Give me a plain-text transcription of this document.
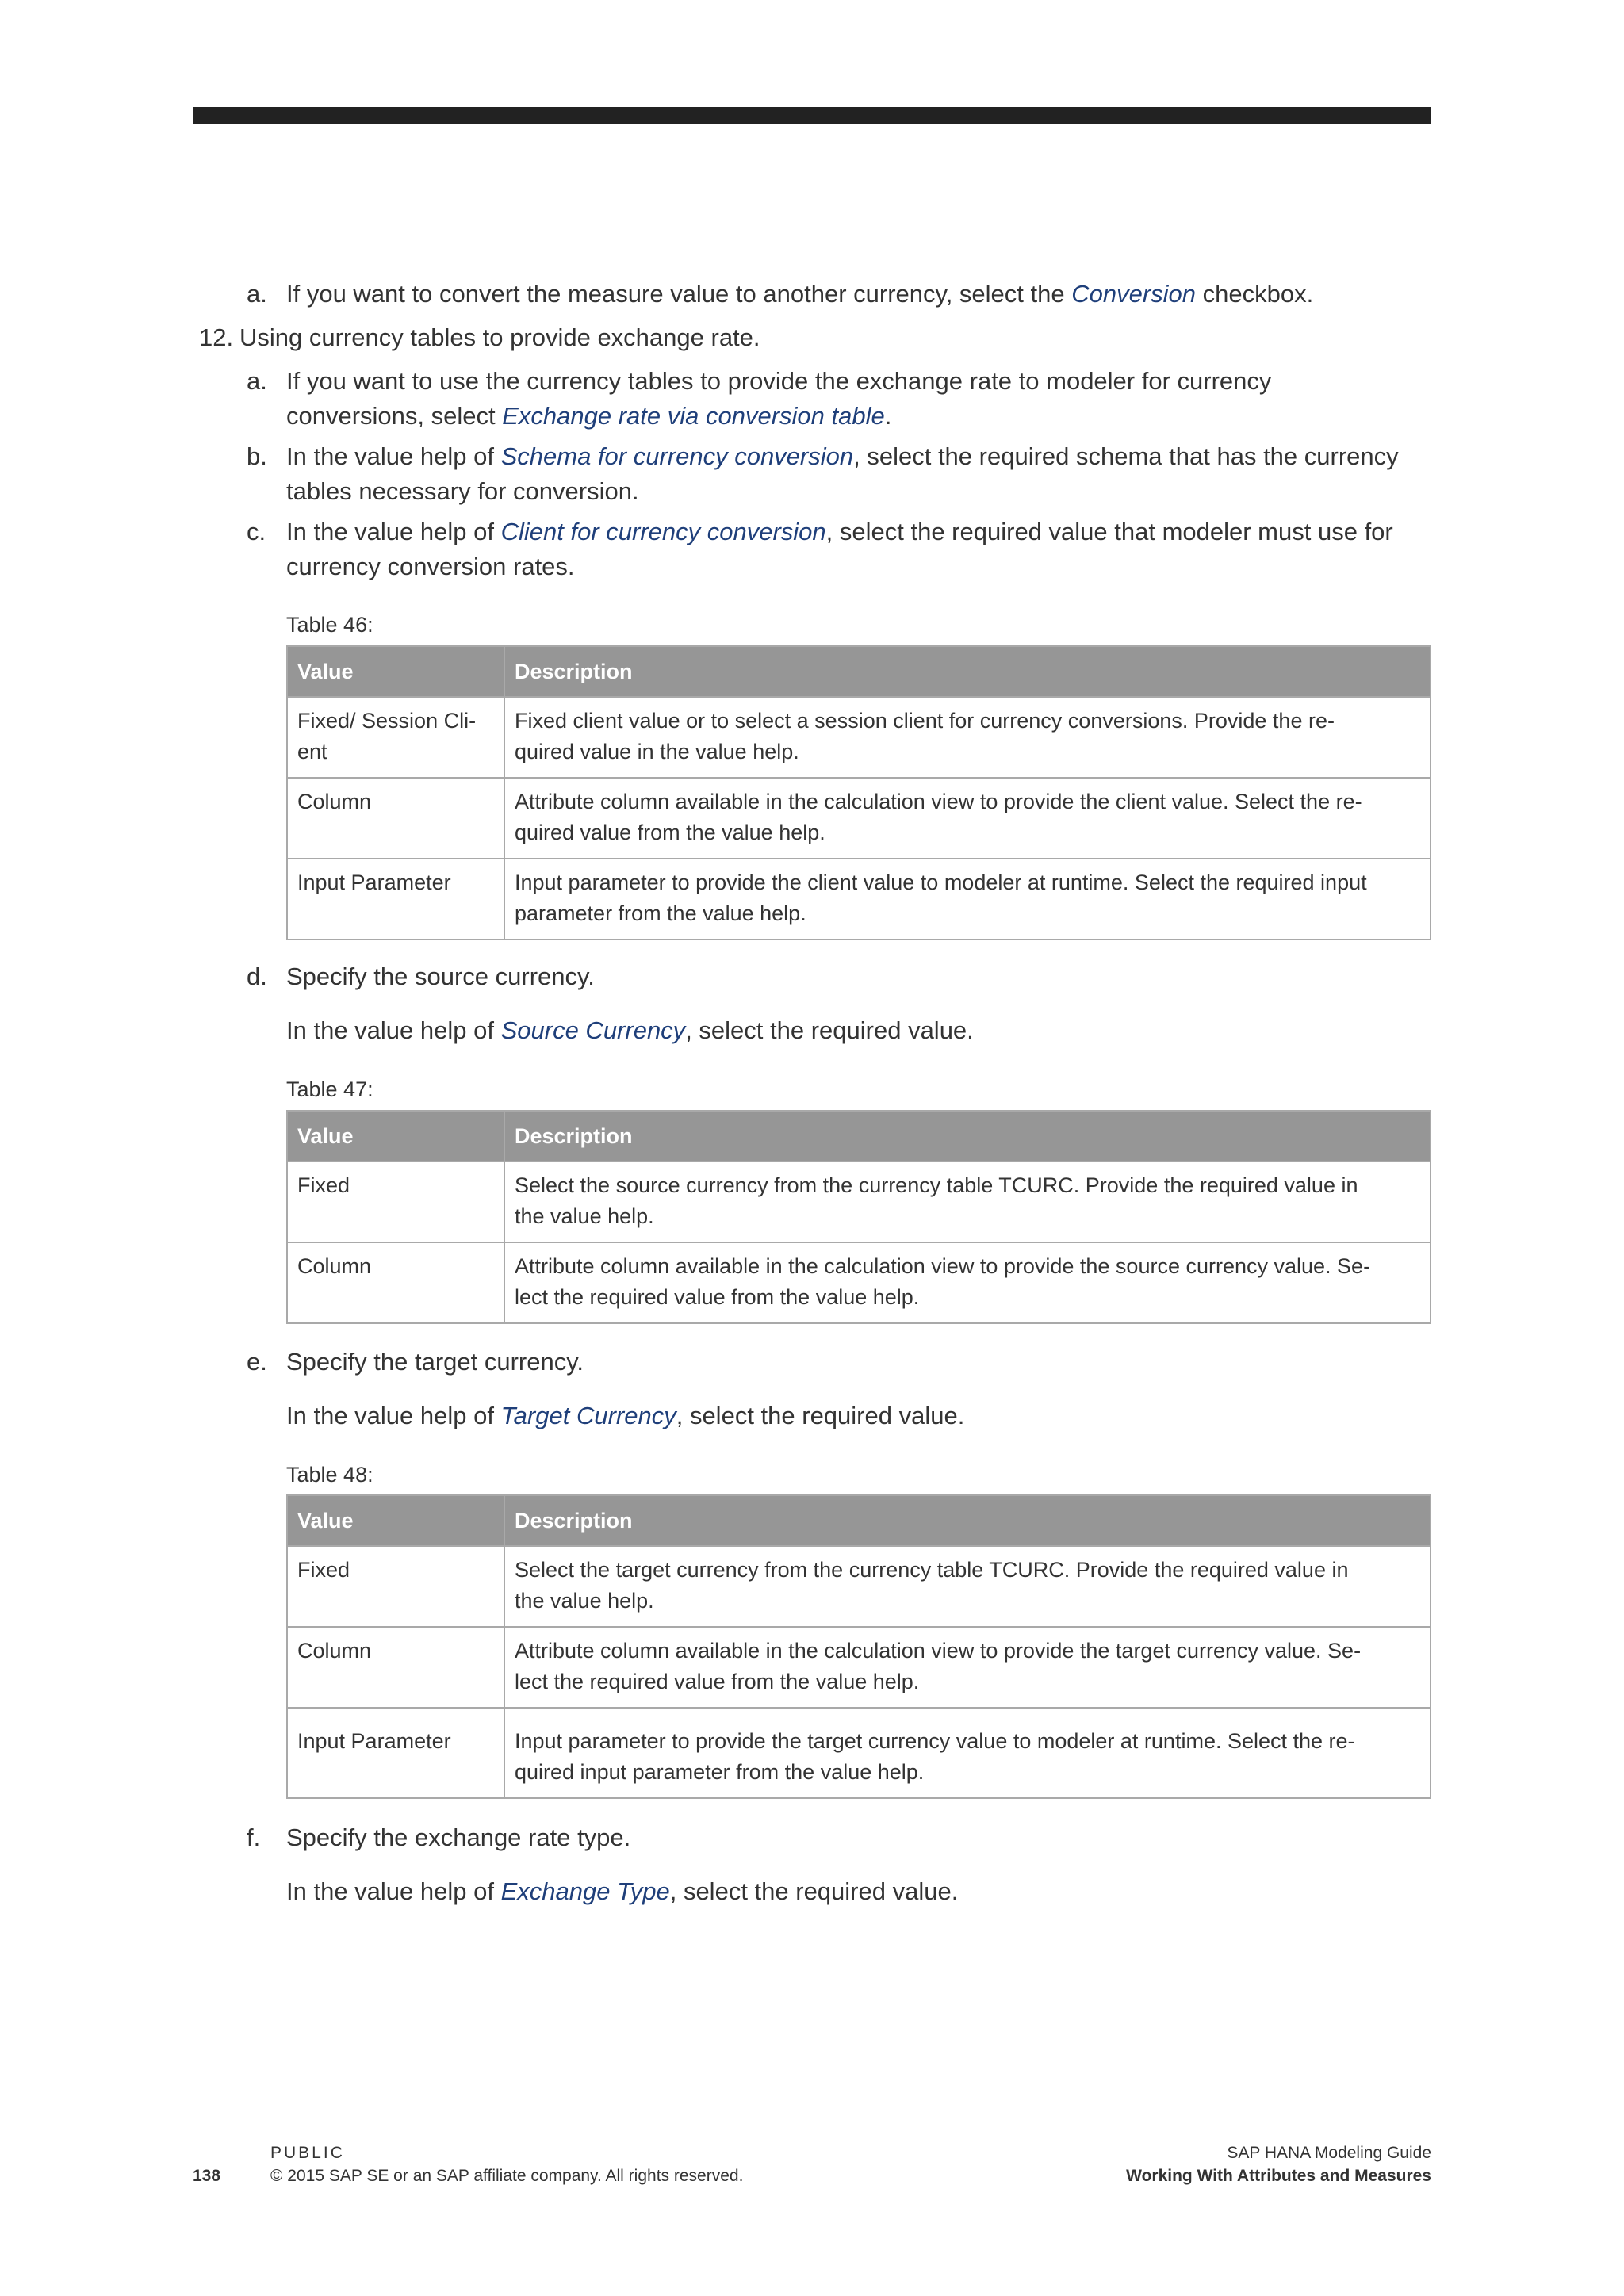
a. If you want to convert the measure value to another currency, select the Conversion checkbox.
12. Using currency tables to provide exchange rate.
a. If you want to use the currency tables to provide the exchange rate to modeler for currency
conversions, select Exchange rate via conversion table.
b. In the value help of Schema for currency conversion, select the required schema that has the currency
tables necessary for conversion.
c. In the value help of Client for currency conversion, select the required value that modeler must use for
currency conversion rates.
Table 46:
Value	Description
Fixed/ Session Cli-
ent	Fixed client value or to select a session client for currency conversions. Provide the re-
quired value in the value help.
Column	Attribute column available in the calculation view to provide the client value. Select the re-
quired value from the value help.
Input Parameter	Input parameter to provide the client value to modeler at runtime. Select the required input
parameter from the value help.
d. Specify the source currency.
In the value help of Source Currency, select the required value.
Table 47:
Value	Description
Fixed	Select the source currency from the currency table TCURC. Provide the required value in
the value help.
Column	Attribute column available in the calculation view to provide the source currency value. Se-
lect the required value from the value help.
e. Specify the target currency.
In the value help of Target Currency, select the required value.
Table 48:
Value	Description
Fixed	Select the target currency from the currency table TCURC. Provide the required value in
the value help.
Column	Attribute column available in the calculation view to provide the target currency value. Se-
lect the required value from the value help.
Input Parameter	Input parameter to provide the target currency value to modeler at runtime. Select the re-
quired input parameter from the value help.
f. Specify the exchange rate type.
In the value help of Exchange Type, select the required value.
138
PUBLIC
© 2015 SAP SE or an SAP affiliate company. All rights reserved.
SAP HANA Modeling Guide
Working With Attributes and Measures
